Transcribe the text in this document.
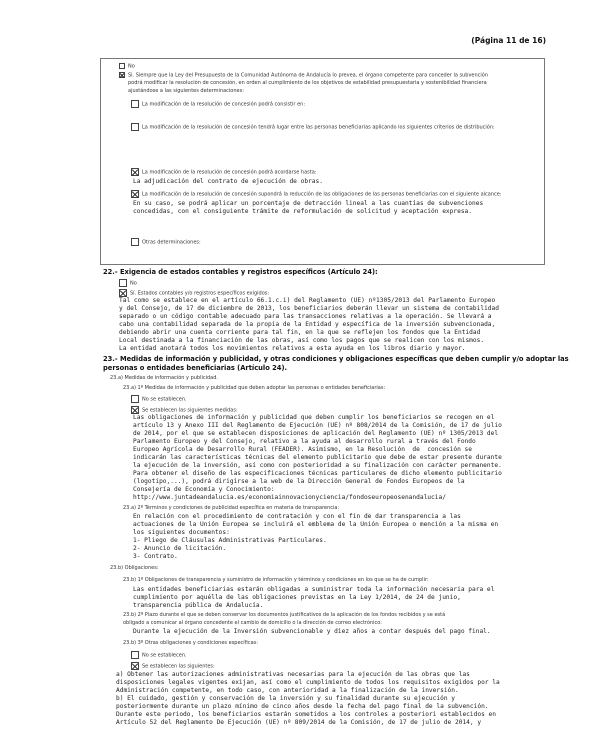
(Página 11 de 16)
No
Si. Siempre que la Ley del Presupuesto de la Comunidad Autónoma de Andalucía lo prevea, el órgano competente para conceder la subvención
podrá modificar la resolución de concesión, en orden al cumplimiento de los objetivos de estabilidad presupuestaria y sostenibilidad financiera
ajustándose a las siguientes determinaciones:
La modificación de la resolución de concesión podrá consistir en:
La modificación de la resolución de concesión tendrá lugar entre las personas beneficiarias aplicando los siguientes criterios de distribución:
La modificación de la resolución de concesión podrá acordarse hasta:
La adjudicación del contrato de ejecución de obras.
La modificación de la resolución de concesión supondrá la reducción de las obligaciones de las personas beneficiarias con el siguiente alcance:
En su caso, se podrá aplicar un porcentaje de detracción lineal a las cuantías de subvenciones
concedidas, con el consiguiente trámite de reformulación de solicitud y aceptación expresa.
Otras determinaciones:
22.- Exigencia de estados contables y registros específicos (Artículo 24):
No
Sí. Estados contables y/o registros específicos exigidos:
Tal como se establece en el artículo 66.1.c.i) del Reglamento (UE) nº1305/2013 del Parlamento Europeo
y del Consejo, de 17 de diciembre de 2013, los beneficiarios deberán llevar un sistema de contabilidad
separado o un código contable adecuado para las transacciones relativas a la operación. Se llevará a
cabo una contabilidad separada de la propia de la Entidad y específica de la inversión subvencionada,
debiendo abrir una cuenta corriente para tal fin, en la que se reflejen los fondos que la Entidad
Local destinada a la financiación de las obras, así como los pagos que se realicen con los mismos.
La entidad anotará todos los movimientos relativos a esta ayuda en los libros diario y mayor.
23.- Medidas de información y publicidad, y otras condiciones y obligaciones específicas que deben cumplir y/o adoptar las
personas o entidades beneficiarias (Artículo 24).
23.a) Medidas de información y publicidad.
23.a) 1º Medidas de información y publicidad que deben adoptar las personas o entidades beneficiarias:
No se establecen.
Se establecen las siguientes medidas:
Las obligaciones de información y publicidad que deben cumplir los beneficiarios se recogen en el
artículo 13 y Anexo III del Reglamento de Ejecución (UE) nº 808/2014 de la Comisión, de 17 de julio
de 2014, por el que se establecen disposiciones de aplicación del Reglamento (UE) nº 1305/2013 del
Parlamento Europeo y del Consejo, relativo a la ayuda al desarrollo rural a través del Fondo
Europeo Agrícola de Desarrollo Rural (FEADER). Asimismo, en la Resolución  de  concesión se
indicarán las características técnicas del elemento publicitario que debe de estar presente durante
la ejecución de la inversión, así como con posterioridad a su finalización con carácter permanente.
Para obtener el diseño de las especificaciones técnicas particulares de dicho elemento publicitario
(logotipo,...), podrá dirigirse a la web de la Dirección General de Fondos Europeos de la
Consejería de Economía y Conocimiento:
http://www.juntadeandalucia.es/economiainnovacionyciencia/fondoseuropeosenandalucia/
23.a) 2º Términos y condiciones de publicidad específica en materia de transparencia:
En relación con el procedimiento de contratación y con el fin de dar transparencia a las
actuaciones de la Unión Europea se incluirá el emblema de la Unión Europea o mención a la misma en
los siguientes documentos:
1- Pliego de Cláusulas Administrativas Particulares.
2- Anuncio de licitación.
3- Contrato.
23.b) Obligaciones:
23.b) 1º Obligaciones de transparencia y suministro de información y términos y condiciones en los que se ha de cumplir:
Las entidades beneficiarias estarán obligadas a suministrar toda la información necesaria para el
cumplimiento por aquélla de las obligaciones previstas en la Ley 1/2014, de 24 de junio,
transparencia pública de Andalucía.
23.b) 2º Plazo durante el que se deben conservar los documentos justificativos de la aplicación de los fondos recibidos y se está
obligado a comunicar al órgano concedente el cambio de domicilio o la dirección de correo electrónico:
Durante la ejecución de la Inversión subvencionable y diez años a contar después del pago final.
23.b) 3º Otras obligaciones y condiciones específicas:
No se establecen.
Se establecen las siguientes:
a) Obtener las autorizaciones administrativas necesarias para la ejecución de las obras que las
disposiciones legales vigentes exijan, así como el cumplimiento de todos los requisitos exigidos por la
Administración competente, en todo caso, con anterioridad a la finalización de la inversión.
b) El cuidado, gestión y conservación de la inversión y su finalidad durante su ejecución y
posteriormente durante un plazo mínimo de cinco años desde la fecha del pago final de la subvención.
Durante este periodo, los beneficiarios estarán sometidos a los controles a posteriori establecidos en
Artículo 52 del Reglamento De Ejecución (UE) nº 809/2014 de la Comisión, de 17 de julio de 2014, y
